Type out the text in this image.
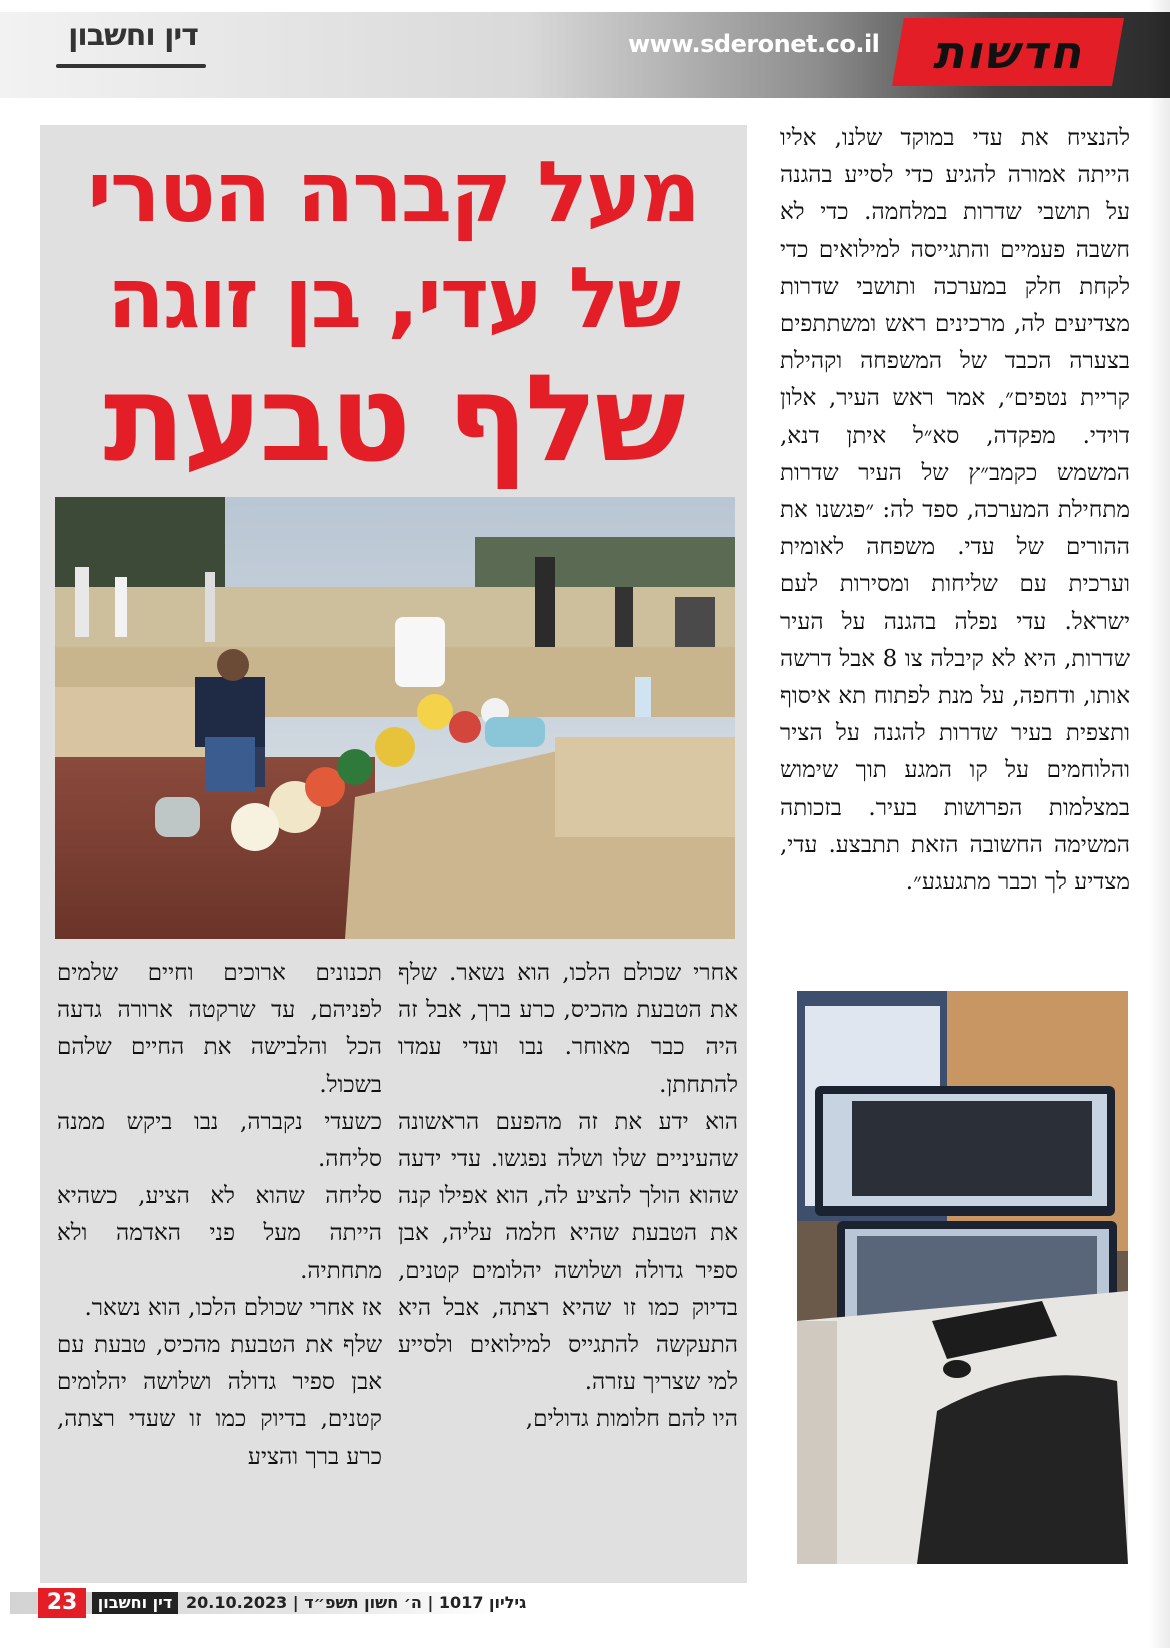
דין וחשבון	www.sderonet.co.il	חדשות
מעל קברה הטרי
של עדי, בן זוגה
שלף טבעת

להנציח את עדי במוקד שלנו, אליו הייתה אמורה להגיע כדי לסייע בהגנה על תושבי שדרות במלחמה. כדי לא חשבה פעמיים והתגייסה למילואים כדי לקחת חלק במערכה ותושבי שדרות מצדיעים לה, מרכינים ראש ומשתתפים בצערה הכבד של המשפחה וקהילת קריית נטפים״, אמר ראש העיר, אלון דוידי. מפקדה, סא״ל איתן דנא, המשמש כקמב״ץ של העיר שדרות מתחילת המערכה, ספד לה: ״פגשנו את ההורים של עדי. משפחה לאומית וערכית עם שליחות ומסירות לעם ישראל. עדי נפלה בהגנה על העיר שדרות, היא לא קיבלה צו 8 אבל דרשה אותו, ודחפה, על מנת לפתוח תא איסוף ותצפית בעיר שדרות להגנה על הציר והלוחמים על קו המגע תוך שימוש במצלמות הפרושות בעיר. בזכותה המשימה החשובה הזאת תתבצע. עדי, מצדיע לך וכבר מתגעגע״.

אחרי שכולם הלכו, הוא נשאר. שלף את הטבעת מהכיס, כרע ברך, אבל זה היה כבר מאוחר. נבו ועדי עמדו להתחתן.

הוא ידע את זה מהפעם הראשונה שהעיניים שלו ושלה נפגשו. עדי ידעה שהוא הולך להציע לה, הוא אפילו קנה את הטבעת שהיא חלמה עליה, אבן ספיר גדולה ושלושה יהלומים קטנים, בדיוק כמו זו שהיא רצתה, אבל היא התעקשה להתגייס למילואים ולסייע למי שצריך עזרה.

היו להם חלומות גדולים,

תכנונים ארוכים וחיים שלמים לפניהם, עד שרקטה ארורה גדעה הכל והלבישה את החיים שלהם בשכול.

כשעדי נקברה, נבו ביקש ממנה סליחה.

סליחה שהוא לא הציע, כשהיא הייתה מעל פני האדמה ולא מתחתיה.

אז אחרי שכולם הלכו, הוא נשאר.

שלף את הטבעת מהכיס, טבעת עם אבן ספיר גדולה ושלושה יהלומים קטנים, בדיוק כמו זו שעדי רצתה, כרע ברך והציע

23	דין וחשבון	גיליון 1017 | ה׳ חשון תשפ״ד | 20.10.2023
